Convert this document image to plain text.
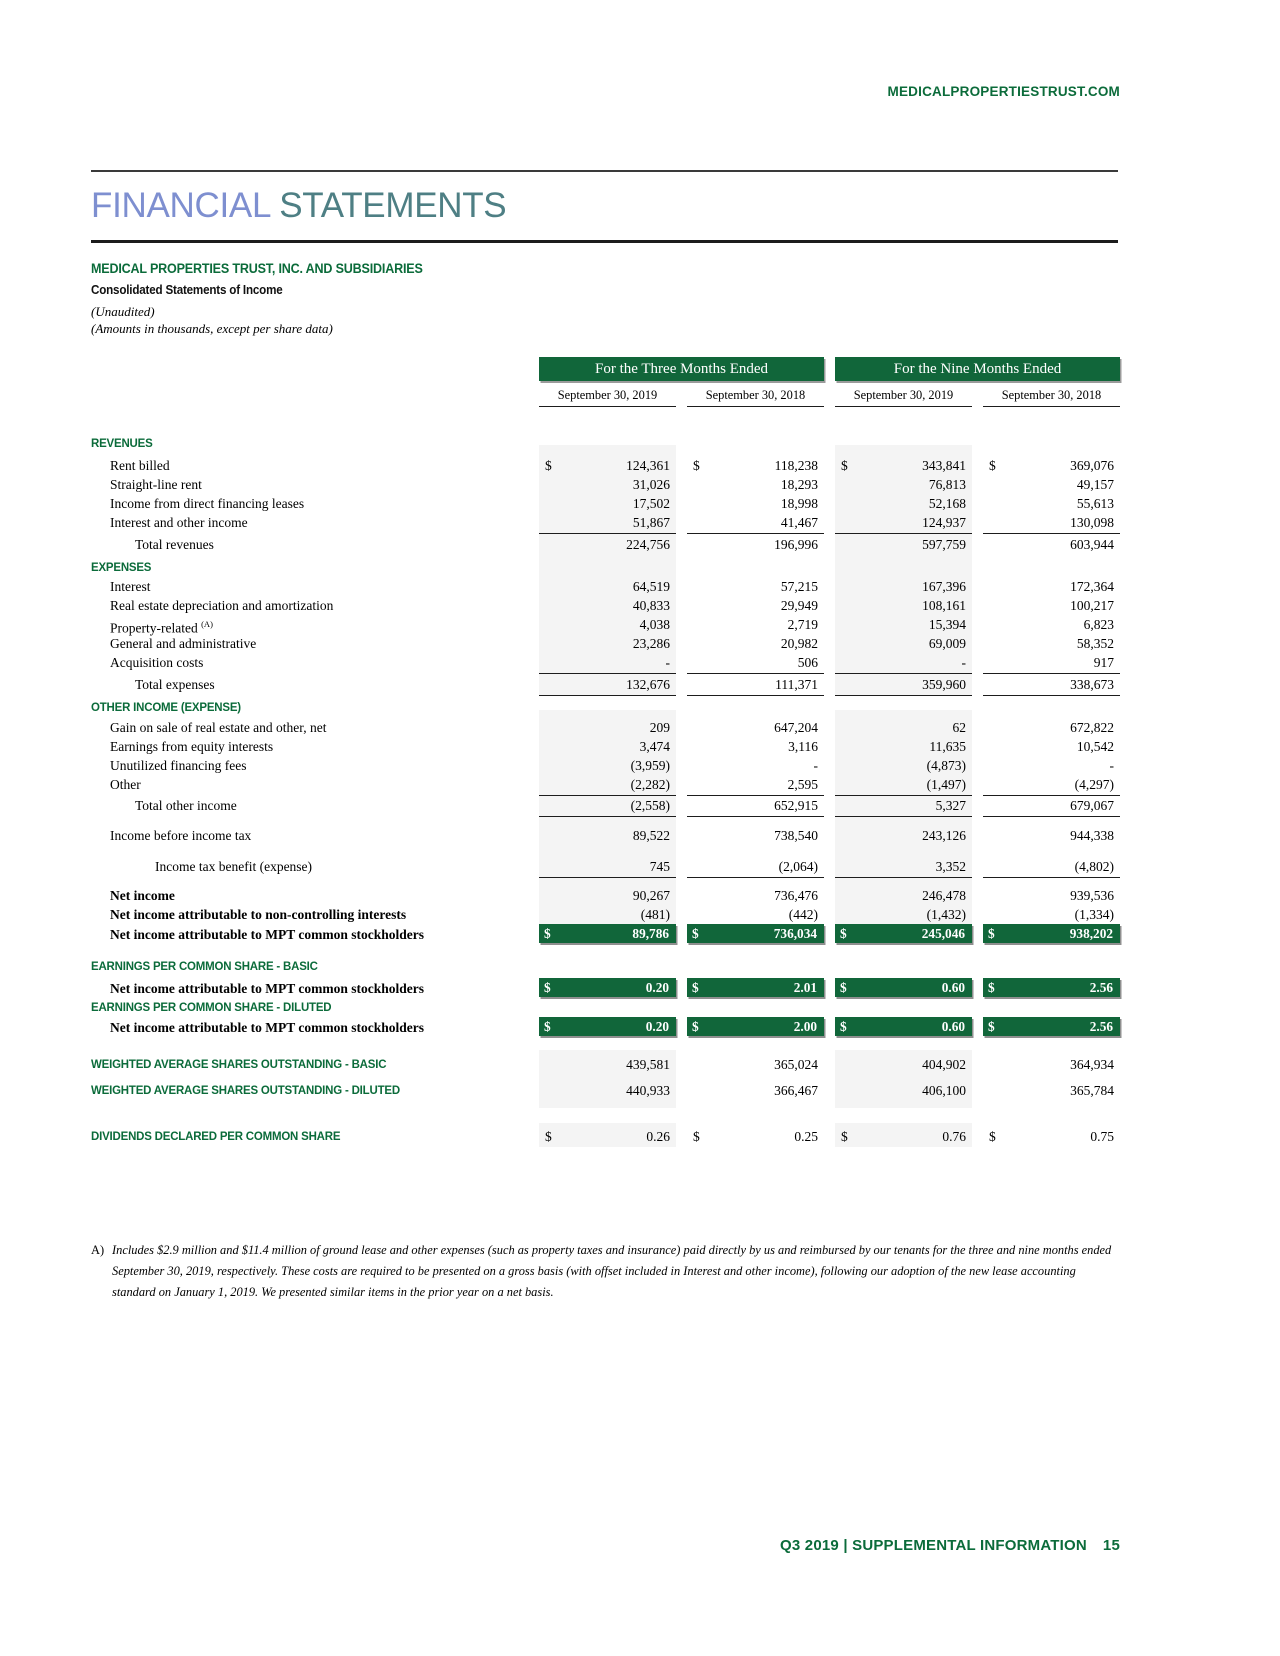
MEDICALPROPERTIESTRUST.COM
FINANCIAL STATEMENTS
MEDICAL PROPERTIES TRUST, INC. AND SUBSIDIARIES
Consolidated Statements of Income
(Unaudited)
(Amounts in thousands, except per share data)
For the Three Months Ended	For the Nine Months Ended
September 30, 2019	September 30, 2018	September 30, 2019	September 30, 2018
REVENUES
Rent billed	$	124,361 $	118,238 $	343,841 $	369,076
Straight-line rent	31,026	18,293	76,813	49,157
Income from direct financing leases	17,502	18,998	52,168	55,613
Interest and other income	51,867	41,467	124,937	130,098
Total revenues	224,756	196,996	597,759	603,944
EXPENSES
Interest	64,519	57,215	167,396	172,364
Real estate depreciation and amortization	40,833	29,949	108,161	100,217
Property-related $^{(A)}$	4,038	2,719	15,394	6,823
General and administrative	23,286	20,982	69,009	58,352
Acquisition costs	-	506	-	917
Total expenses	132,676	111,371	359,960	338,673
OTHER INCOME (EXPENSE)
Gain on sale of real estate and other, net	209	647,204	62	672,822
Earnings from equity interests	3,474	3,116	11,635	10,542
Unutilized financing fees	(3,959)	-	(4,873)	-
Other	(2,282)	2,595	(1,497)	(4,297)
Total other income	(2,558)	652,915	5,327	679,067
Income before income tax	89,522	738,540	243,126	944,338
Income tax benefit (expense)	745	(2,064)	3,352	(4,802)
Net income	90,267	736,476	246,478	939,536
Net income attributable to non-controlling interests	(481)	(442)	(1,432)	(1,334)
Net income attributable to MPT common stockholders	$	89,786 $	736,034 $	245,046 $	938,202
EARNINGS PER COMMON SHARE - BASIC
Net income attributable to MPT common stockholders	$	0.20 $	2.01 $	0.60 $	2.56
EARNINGS PER COMMON SHARE - DILUTED
Net income attributable to MPT common stockholders	$	0.20 $	2.00 $	0.60 $	2.56
WEIGHTED AVERAGE SHARES OUTSTANDING - BASIC	439,581	365,024	404,902	364,934
WEIGHTED AVERAGE SHARES OUTSTANDING - DILUTED	440,933	366,467	406,100	365,784
DIVIDENDS DECLARED PER COMMON SHARE	$	0.26 $	0.25 $	0.76 $	0.75
A) Includes $2.9 million and $11.4 million of ground lease and other expenses (such as property taxes and insurance) paid directly by us and reimbursed by our tenants for the three and nine months ended September 30, 2019, respectively. These costs are required to be presented on a gross basis (with offset included in Interest and other income), following our adoption of the new lease accounting standard on January 1, 2019. We presented similar items in the prior year on a net basis.
Q3 2019 | SUPPLEMENTAL INFORMATION 15
